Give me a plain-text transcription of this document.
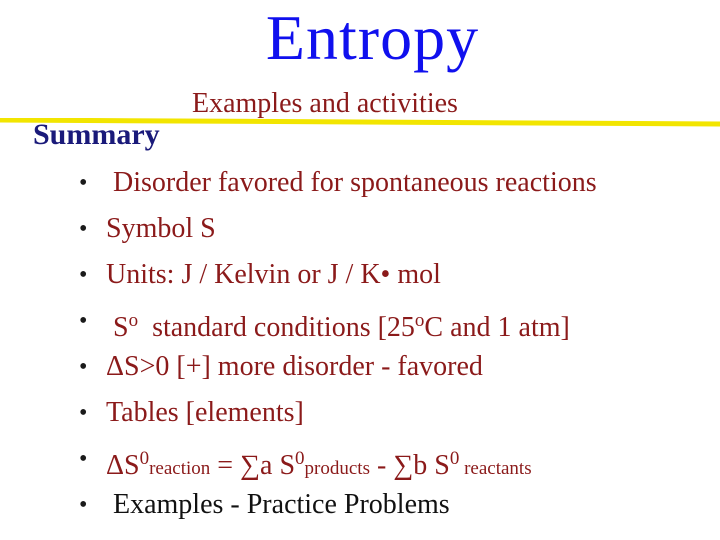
Entropy
Examples and activities
Summary
• Disorder favored for spontaneous reactions
• Symbol S
• Units: J / Kelvin or J / K• mol
• $S^o$  standard conditions [25$^o$C and 1 atm]
• ΔS>0 [+] more disorder - favored
• Tables [elements]
• $\Delta S^0reaction = \sum a$ $S^0products - \sum b$ $S^0$ reactants
• Examples - Practice Problems
